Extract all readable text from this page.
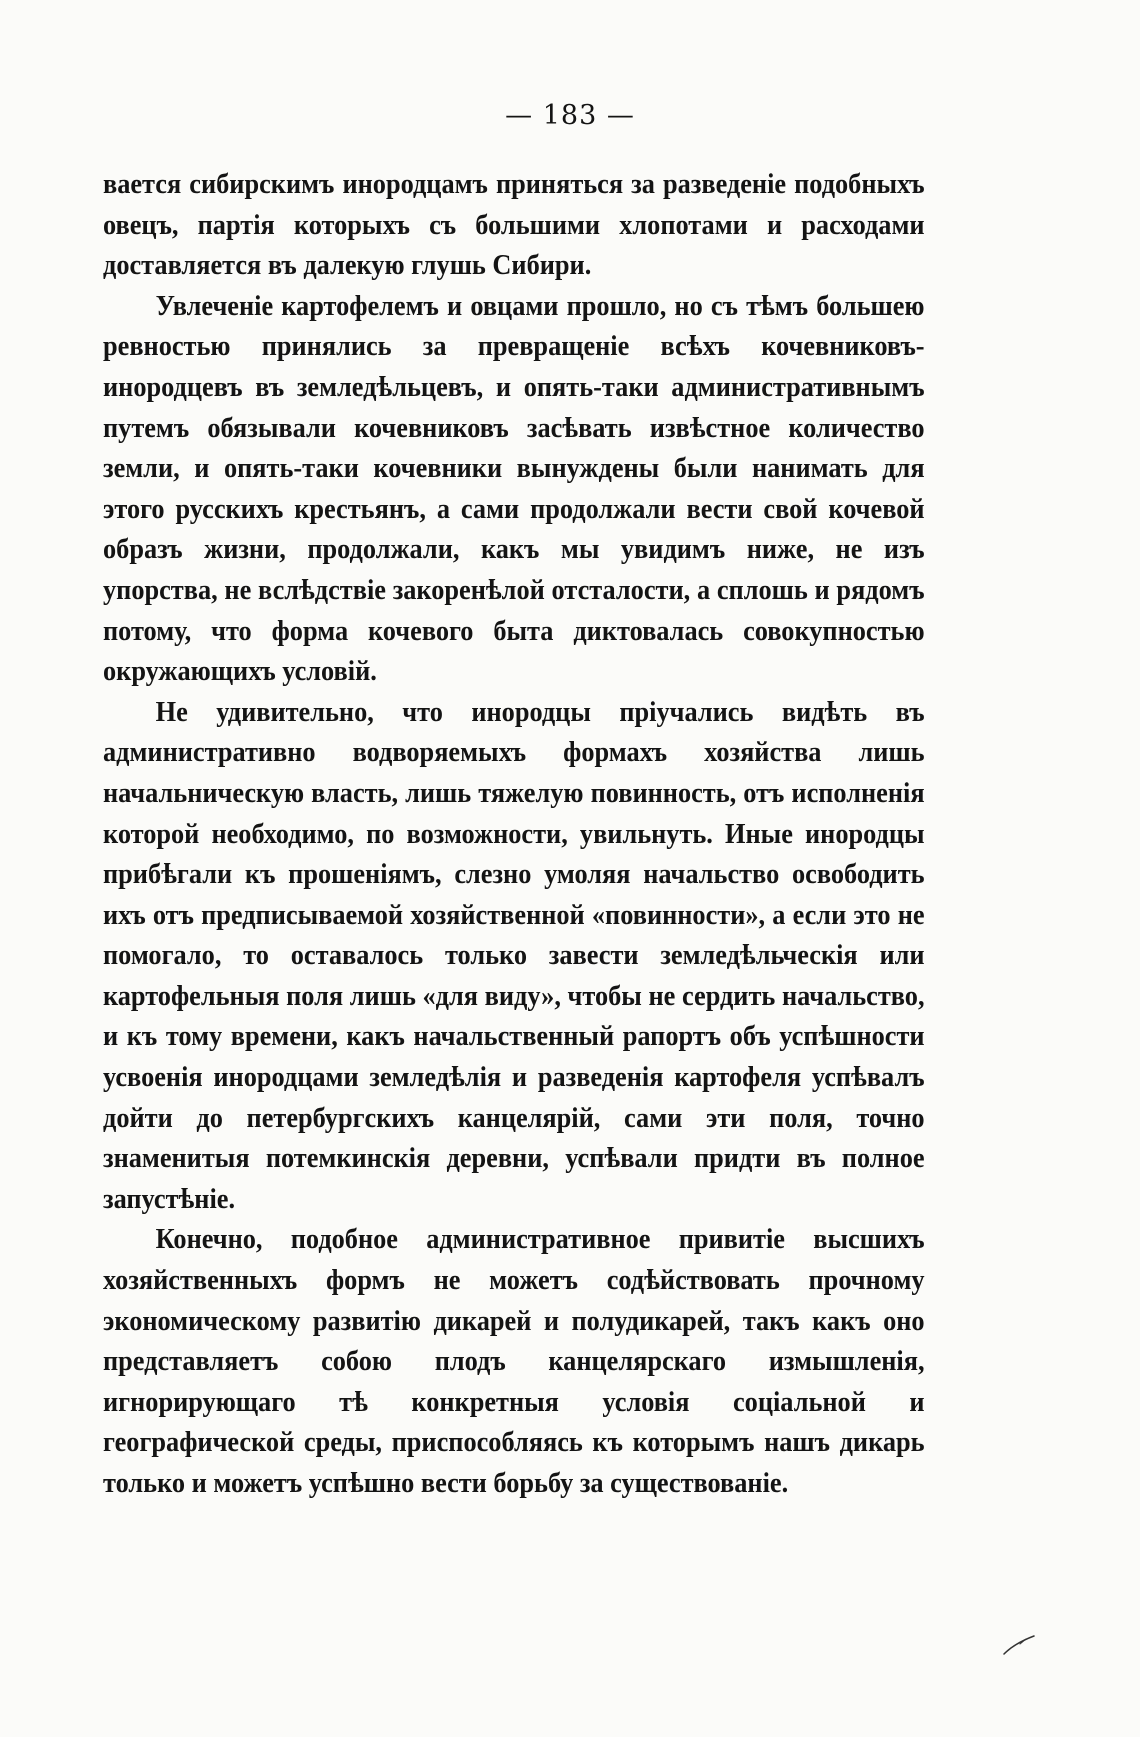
— 183 —

вается сибирскимъ инородцамъ приняться за разведеніе подобныхъ овецъ, партія которыхъ съ большими хлопотами и расходами доставляется въ далекую глушь Сибири.

Увлеченіе картофелемъ и овцами прошло, но съ тѣмъ большею ревностью принялись за превращеніе всѣхъ кочевниковъ-инородцевъ въ земледѣльцевъ, и опять-таки административнымъ путемъ обязывали кочевниковъ засѣвать извѣстное количество земли, и опять-таки кочевники вынуждены были нанимать для этого русскихъ крестьянъ, а сами продолжали вести свой кочевой образъ жизни, продолжали, какъ мы увидимъ ниже, не изъ упорства, не вслѣдствіе закоренѣлой отсталости, а сплошь и рядомъ потому, что форма кочевого быта диктовалась совокупностью окружающихъ условій.

Не удивительно, что инородцы пріучались видѣть въ административно водворяемыхъ формахъ хозяйства лишь начальническую власть, лишь тяжелую повинность, отъ исполненія которой необходимо, по возможности, увильнуть. Иные инородцы прибѣгали къ прошеніямъ, слезно умоляя начальство освободить ихъ отъ предписываемой хозяйственной «повинности», а если это не помогало, то оставалось только завести земледѣльческія или картофельныя поля лишь «для виду», чтобы не сердить начальство, и къ тому времени, какъ начальственный рапортъ объ успѣшности усвоенія инородцами земледѣлія и разведенія картофеля успѣвалъ дойти до петербургскихъ канцелярій, сами эти поля, точно знаменитыя потемкинскія деревни, успѣвали придти въ полное запустѣніе.

Конечно, подобное административное привитіе высшихъ хозяйственныхъ формъ не можетъ содѣйствовать прочному экономическому развитію дикарей и полудикарей, такъ какъ оно представляетъ собою плодъ канцелярскаго измышленія, игнорирующаго тѣ конкретныя условія соціальной и географической среды, приспособляясь къ которымъ нашъ дикарь только и можетъ успѣшно вести борьбу за существованіе.
